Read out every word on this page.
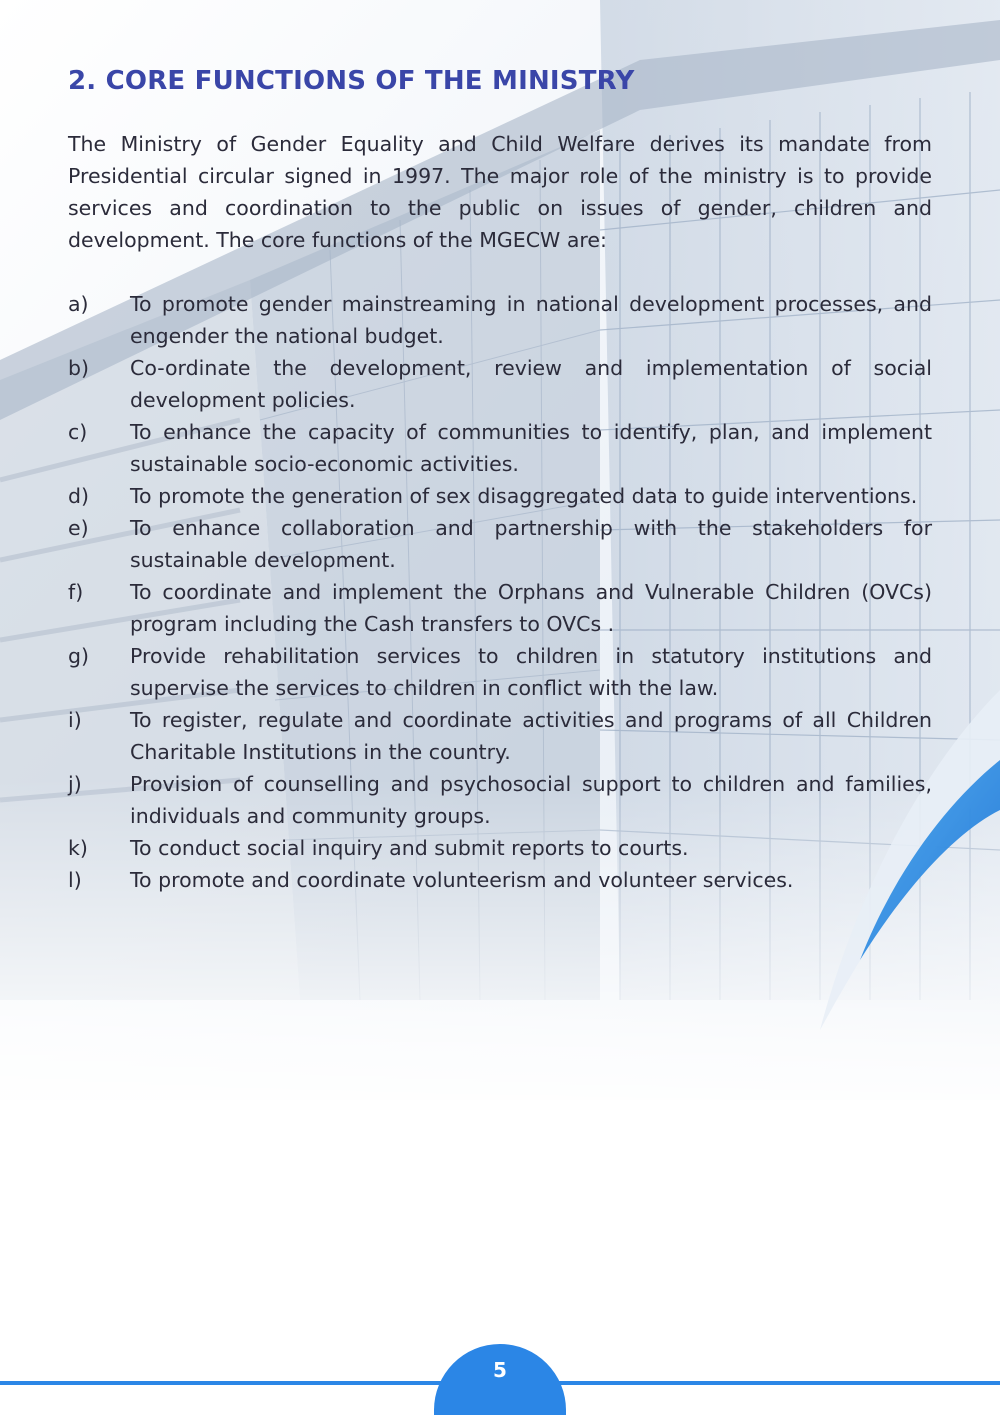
2. CORE FUNCTIONS OF THE MINISTRY

The Ministry of Gender Equality and Child Welfare derives its mandate from Presidential circular signed in 1997. The major role of the ministry is to provide services and coordination to the public on issues of gender, children and development. The core functions of the MGECW are:

a) To promote gender mainstreaming in national development processes, and engender the national budget.
b) Co-ordinate the development, review and implementation of social development policies.
c) To enhance the capacity of communities to identify, plan, and implement sustainable socio-economic activities.
d) To promote the generation of sex disaggregated data to guide interventions.
e) To enhance collaboration and partnership with the stakeholders for sustainable development.
f) To coordinate and implement the Orphans and Vulnerable Children (OVCs) program including the Cash transfers to OVCs .
g) Provide rehabilitation services to children in statutory institutions and supervise the services to children in conflict with the law.
i) To register, regulate and coordinate activities and programs of all Children Charitable Institutions in the country.
j) Provision of counselling and psychosocial support to children and families, individuals and community groups.
k) To conduct social inquiry and submit reports to courts.
l) To promote and coordinate volunteerism and volunteer services.
5
